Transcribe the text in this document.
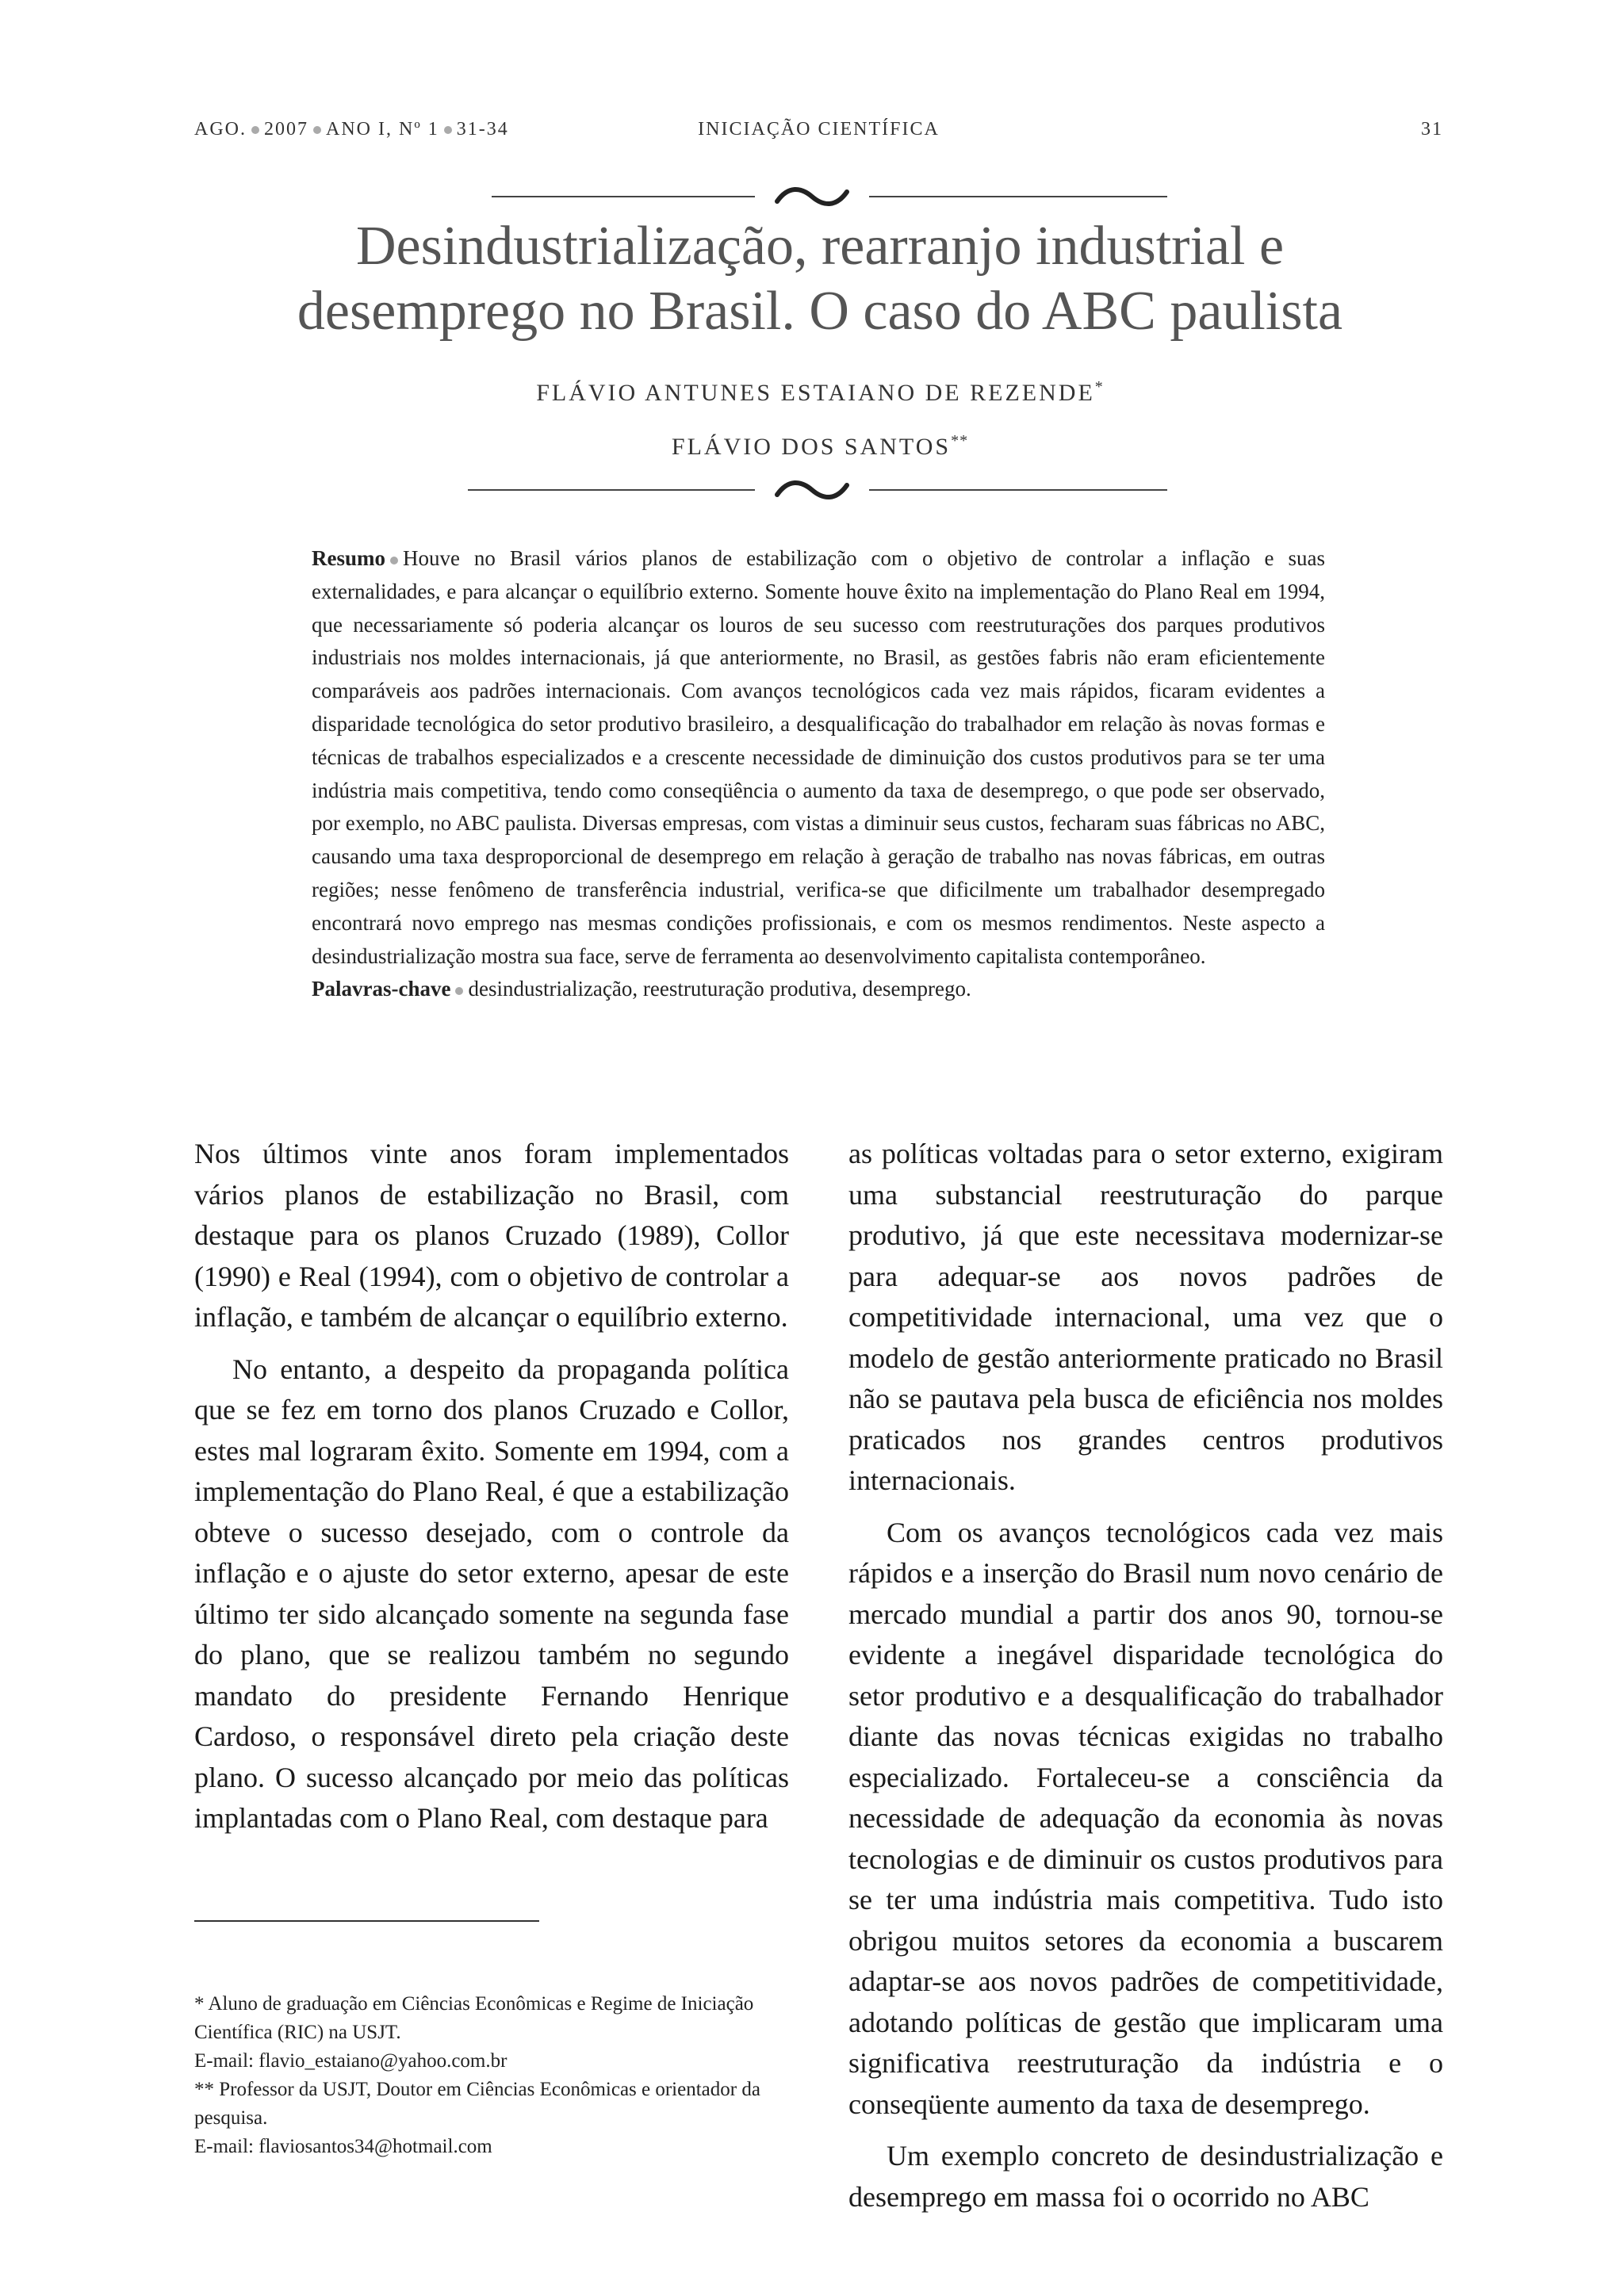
AGO. 2007 ANO I, Nº 1 31-34	INICIAÇÃO CIENTÍFICA	31
Desindustrialização, rearranjo industrial e
desemprego no Brasil. O caso do ABC paulista
FLÁVIO ANTUNES ESTAIANO DE REZENDE*
FLÁVIO DOS SANTOS**

Resumo Houve no Brasil vários planos de estabilização com o objetivo de controlar a inflação e suas externalidades, e para alcançar o equilíbrio externo. Somente houve êxito na implementação do Plano Real em 1994, que necessariamente só poderia alcançar os louros de seu sucesso com reestruturações dos parques produtivos industriais nos moldes internacionais, já que anteriormente, no Brasil, as gestões fabris não eram eficientemente comparáveis aos padrões internacionais. Com avanços tecnológicos cada vez mais rápidos, ficaram evidentes a disparidade tecnológica do setor produtivo brasileiro, a desqualificação do trabalhador em relação às novas formas e técnicas de trabalhos especializados e a crescente necessidade de diminuição dos custos produtivos para se ter uma indústria mais competitiva, tendo como conseqüência o aumento da taxa de desemprego, o que pode ser observado, por exemplo, no ABC paulista. Diversas empresas, com vistas a diminuir seus custos, fecharam suas fábricas no ABC, causando uma taxa desproporcional de desemprego em relação à geração de trabalho nas novas fábricas, em outras regiões; nesse fenômeno de transferência industrial, verifica-se que dificilmente um trabalhador desempregado encontrará novo emprego nas mesmas condições profissionais, e com os mesmos rendimentos. Neste aspecto a desindustrialização mostra sua face, serve de ferramenta ao desenvolvimento capitalista contemporâneo.

Palavras-chave desindustrialização, reestruturação produtiva, desemprego.

Nos últimos vinte anos foram implementados vários planos de estabilização no Brasil, com destaque para os planos Cruzado (1989), Collor (1990) e Real (1994), com o objetivo de controlar a inflação, e também de alcançar o equilíbrio externo.

No entanto, a despeito da propaganda política que se fez em torno dos planos Cruzado e Collor, estes mal lograram êxito. Somente em 1994, com a implementação do Plano Real, é que a estabilização obteve o sucesso desejado, com o controle da inflação e o ajuste do setor externo, apesar de este último ter sido alcançado somente na segunda fase do plano, que se realizou também no segundo mandato do presidente Fernando Henrique Cardoso, o responsável direto pela criação deste plano. O sucesso alcançado por meio das políticas implantadas com o Plano Real, com destaque para

as políticas voltadas para o setor externo, exigiram uma substancial reestruturação do parque produtivo, já que este necessitava modernizar-se para adequar-se aos novos padrões de competitividade internacional, uma vez que o modelo de gestão anteriormente praticado no Brasil não se pautava pela busca de eficiência nos moldes praticados nos grandes centros produtivos internacionais.

Com os avanços tecnológicos cada vez mais rápidos e a inserção do Brasil num novo cenário de mercado mundial a partir dos anos 90, tornou-se evidente a inegável disparidade tecnológica do setor produtivo e a desqualificação do trabalhador diante das novas técnicas exigidas no trabalho especializado. Fortaleceu-se a consciência da necessidade de adequação da economia às novas tecnologias e de diminuir os custos produtivos para se ter uma indústria mais competitiva. Tudo isto obrigou muitos setores da economia a buscarem adaptar-se aos novos padrões de competitividade, adotando políticas de gestão que implicaram uma significativa reestruturação da indústria e o conseqüente aumento da taxa de desemprego.

Um exemplo concreto de desindustrialização e desemprego em massa foi o ocorrido no ABC

* Aluno de graduação em Ciências Econômicas e Regime de Iniciação Científica (RIC) na USJT.

E-mail: flavio_estaiano@yahoo.com.br

** Professor da USJT, Doutor em Ciências Econômicas e orientador da pesquisa.

E-mail: flaviosantos34@hotmail.com
